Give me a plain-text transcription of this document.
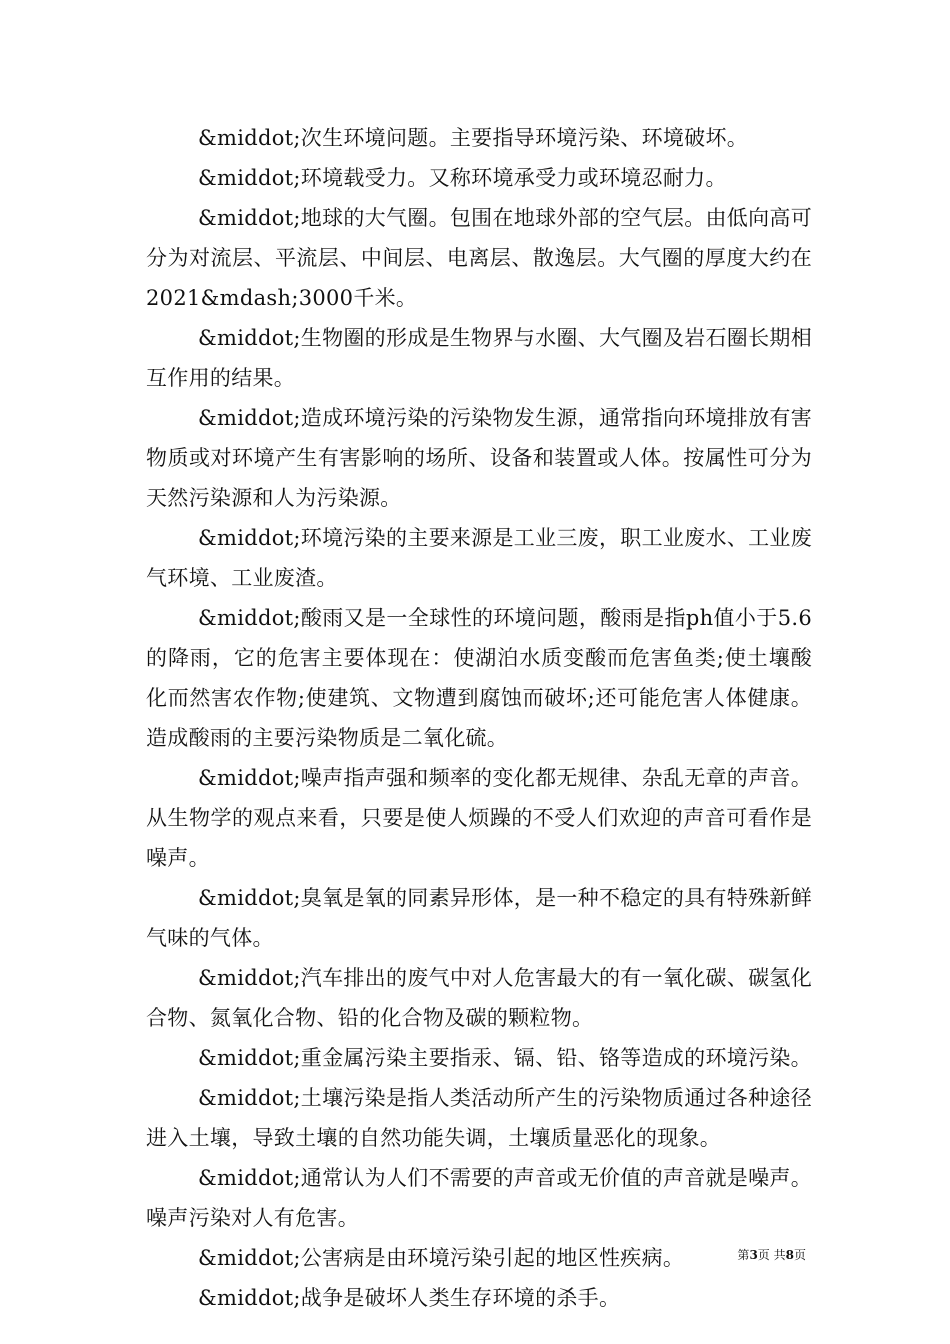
&middot;次生环境问题。主要指导环境污染、环境破坏。

&middot;环境载受力。又称环境承受力或环境忍耐力。

&middot;地球的大气圈。包围在地球外部的空气层。由低向高可分为对流层、平流层、中间层、电离层、散逸层。大气圈的厚度大约在2021&mdash;3000千米。

&middot;生物圈的形成是生物界与水圈、大气圈及岩石圈长期相互作用的结果。

&middot;造成环境污染的污染物发生源，通常指向环境排放有害物质或对环境产生有害影响的场所、设备和装置或人体。按属性可分为天然污染源和人为污染源。

&middot;环境污染的主要来源是工业三废，职工业废水、工业废气环境、工业废渣。

&middot;酸雨又是一全球性的环境问题，酸雨是指ph值小于5.6的降雨，它的危害主要体现在：使湖泊水质变酸而危害鱼类;使土壤酸化而然害农作物;使建筑、文物遭到腐蚀而破坏;还可能危害人体健康。造成酸雨的主要污染物质是二氧化硫。

&middot;噪声指声强和频率的变化都无规律、杂乱无章的声音。从生物学的观点来看，只要是使人烦躁的不受人们欢迎的声音可看作是噪声。

&middot;臭氧是氧的同素异形体，是一种不稳定的具有特殊新鲜气味的气体。

&middot;汽车排出的废气中对人危害最大的有一氧化碳、碳氢化合物、氮氧化合物、铅的化合物及碳的颗粒物。

&middot;重金属污染主要指汞、镉、铅、铬等造成的环境污染。

&middot;土壤污染是指人类活动所产生的污染物质通过各种途径进入土壤，导致土壤的自然功能失调，土壤质量恶化的现象。

&middot;通常认为人们不需要的声音或无价值的声音就是噪声。噪声污染对人有危害。

&middot;公害病是由环境污染引起的地区性疾病。

&middot;战争是破坏人类生存环境的杀手。

第3页 共8页
